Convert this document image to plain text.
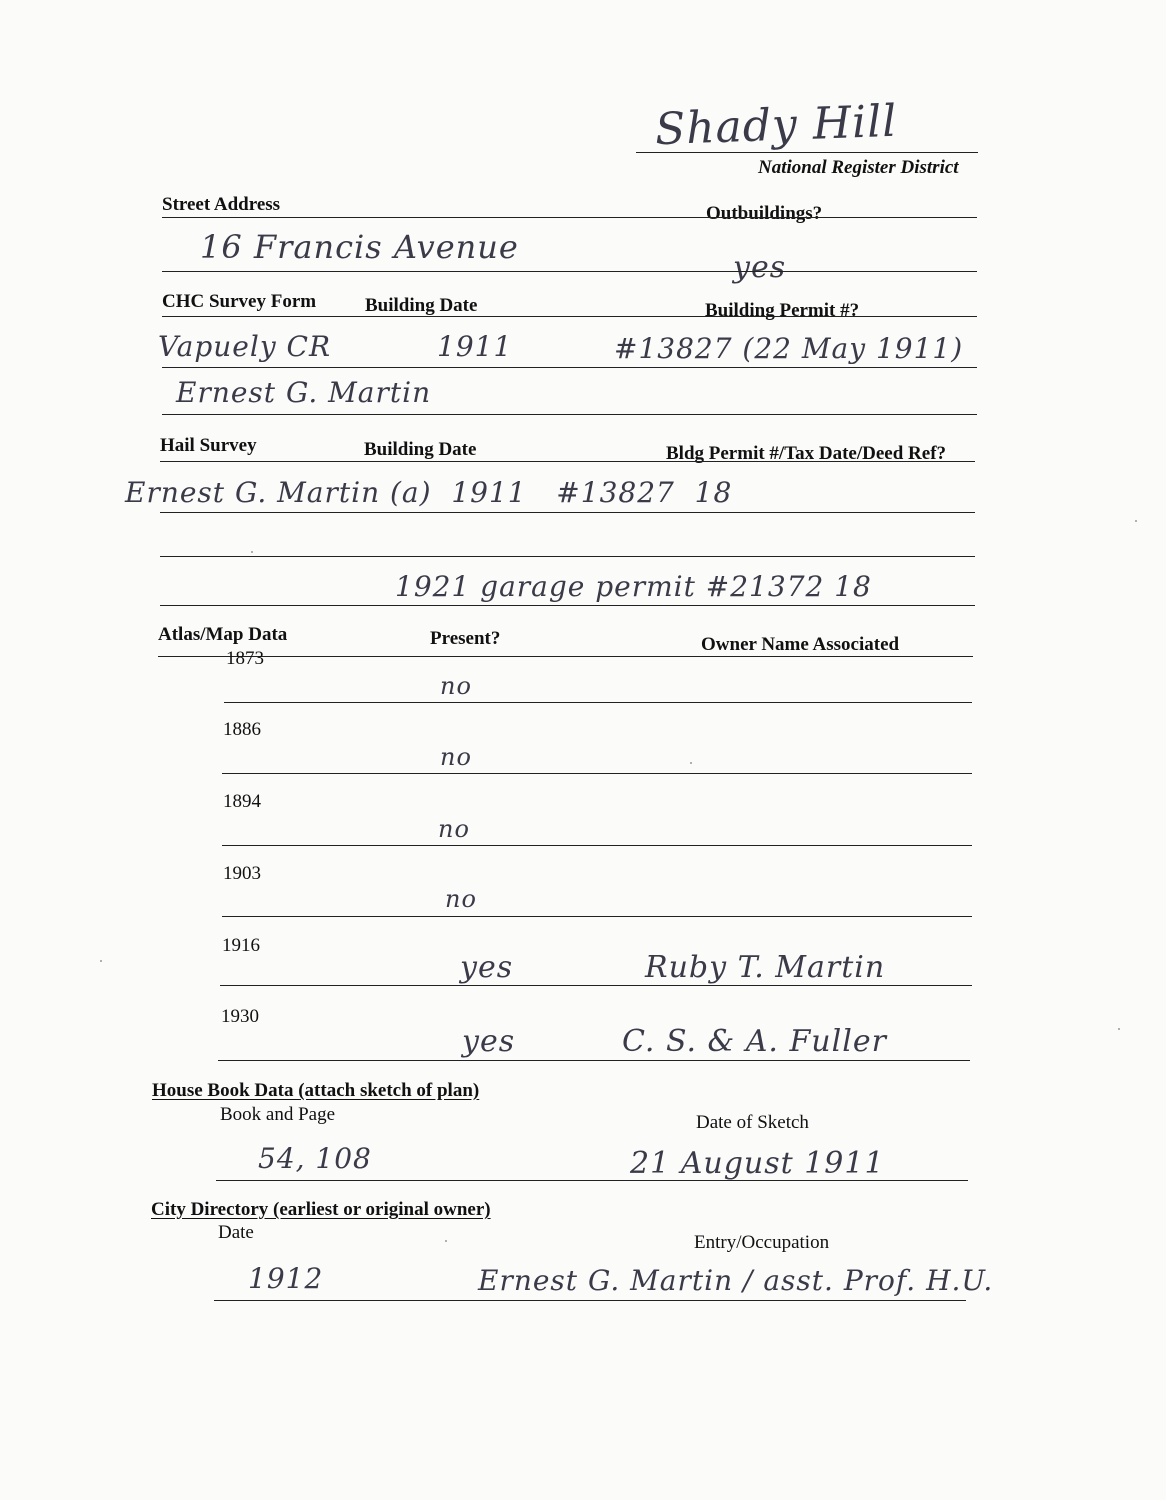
Shady Hill
National Register District
Street Address	Outbuildings?
16 Francis Avenue
yes
CHC Survey Form	Building Date	Building Permit #?
Vapuely CR	1911	#13827 (22 May 1911)
Ernest G. Martin
Hail Survey	Building Date	Bldg Permit #/Tax Date/Deed Ref?
Ernest G. Martin (a)  1911   #13827  18
1921 garage permit #21372 18
Atlas/Map Data	Present?	Owner Name Associated
1873
no
1886
no
1894
no
1903
no
1916
yes	Ruby T. Martin
1930
yes	C. S. & A. Fuller
House Book Data (attach sketch of plan)
Book and Page	Date of Sketch
54, 108	21 August 1911
City Directory (earliest or original owner)
Date	Entry/Occupation
1912	Ernest G. Martin / asst. Prof. H.U.
